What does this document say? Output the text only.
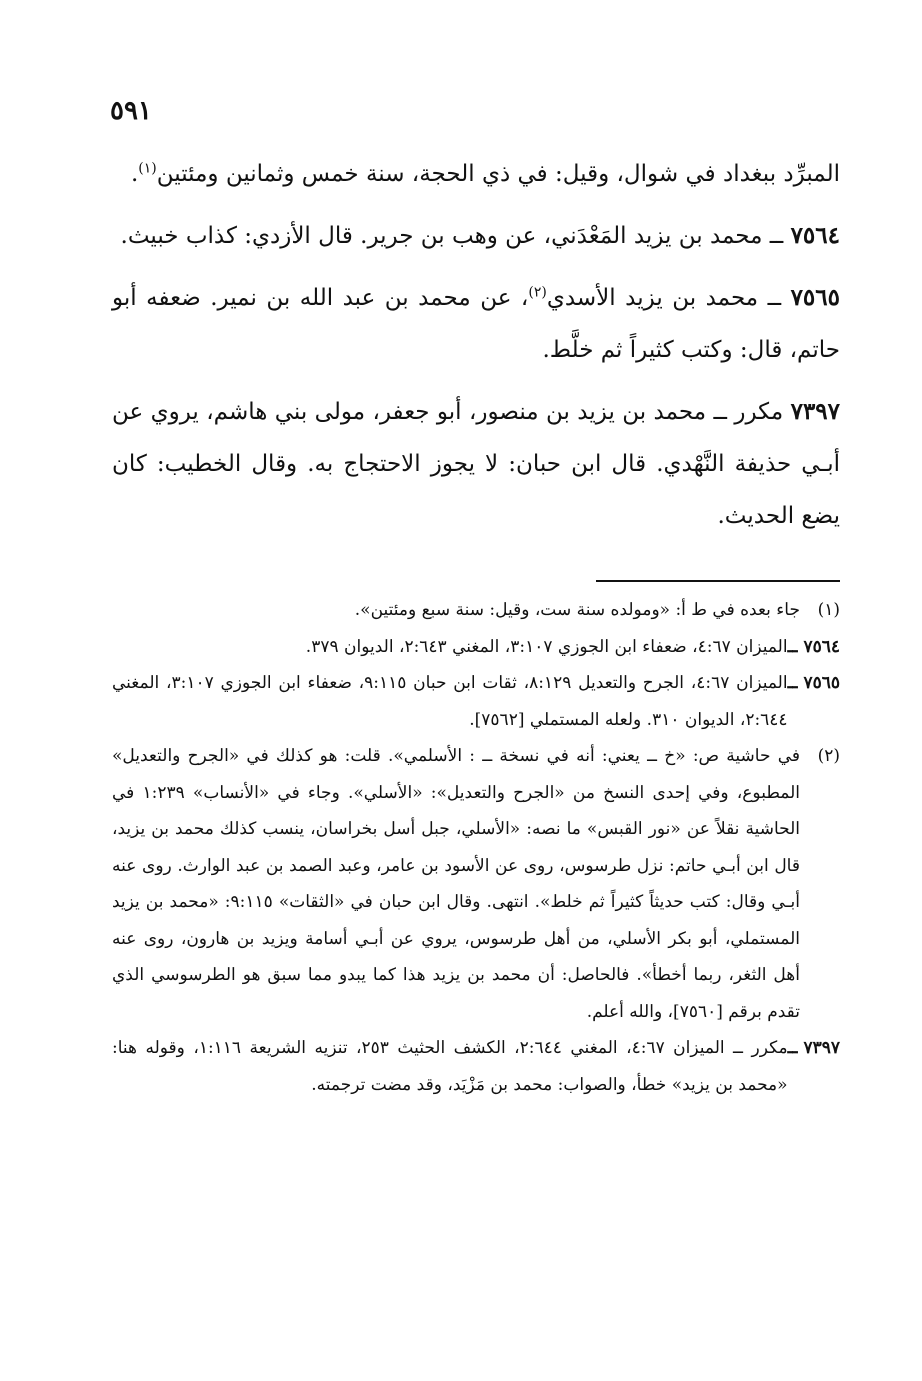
٥٩١

المبرِّد ببغداد في شوال، وقيل: في ذي الحجة، سنة خمس وثمانين ومئتين$^{(١)}$.

٧٥٦٤ ــ محمد بن يزيد المَعْدَني، عن وهب بن جرير. قال الأزدي: كذاب خبيث.

٧٥٦٥ ــ محمد بن يزيد الأسدي$^{(٢)}$، عن محمد بن عبد الله بن نمير. ضعفه أبو حاتم، قال: وكتب كثيراً ثم خلَّط.

٧٣٩٧ مكرر ــ محمد بن يزيد بن منصور، أبو جعفر، مولى بني هاشم، يروي عن أبـي حذيفة النَّهْدي. قال ابن حبان: لا يجوز الاحتجاج به. وقال الخطيب: كان يضع الحديث.

(١)
جاء بعده في ط أ: «ومولده سنة ست، وقيل: سنة سبع ومئتين».
٧٥٦٤ ــ
الميزان ٤:٦٧، ضعفاء ابن الجوزي ٣:١٠٧، المغني ٢:٦٤٣، الديوان ٣٧٩.
٧٥٦٥ ــ
الميزان ٤:٦٧، الجرح والتعديل ٨:١٢٩، ثقات ابن حبان ٩:١١٥، ضعفاء ابن الجوزي ٣:١٠٧، المغني ٢:٦٤٤، الديوان ٣١٠. ولعله المستملي [٧٥٦٢].
(٢)
في حاشية ص: «خ ــ يعني: أنه في نسخة ــ : الأسلمي». قلت: هو كذلك في «الجرح والتعديل» المطبوع، وفي إحدى النسخ من «الجرح والتعديل»: «الأسلي». وجاء في «الأنساب» ١:٢٣٩ في الحاشية نقلاً عن «نور القبس» ما نصه: «الأسلي، جبل أسل بخراسان، ينسب كذلك محمد بن يزيد، قال ابن أبـي حاتم: نزل طرسوس، روى عن الأسود بن عامر، وعبد الصمد بن عبد الوارث. روى عنه أبـي وقال: كتب حديثاً كثيراً ثم خلط». انتهى. وقال ابن حبان في «الثقات» ٩:١١٥: «محمد بن يزيد المستملي، أبو بكر الأسلي، من أهل طرسوس، يروي عن أبـي أسامة ويزيد بن هارون، روى عنه أهل الثغر، ربما أخطأ». فالحاصل: أن محمد بن يزيد هذا كما يبدو مما سبق هو الطرسوسي الذي تقدم برقم [٧٥٦٠]، والله أعلم.
٧٣٩٧ ــ
مكرر ــ الميزان ٤:٦٧، المغني ٢:٦٤٤، الكشف الحثيث ٢٥٣، تنزيه الشريعة ١:١١٦، وقوله هنا: «محمد بن يزيد» خطأ، والصواب: محمد بن مَزْيَد، وقد مضت ترجمته.
